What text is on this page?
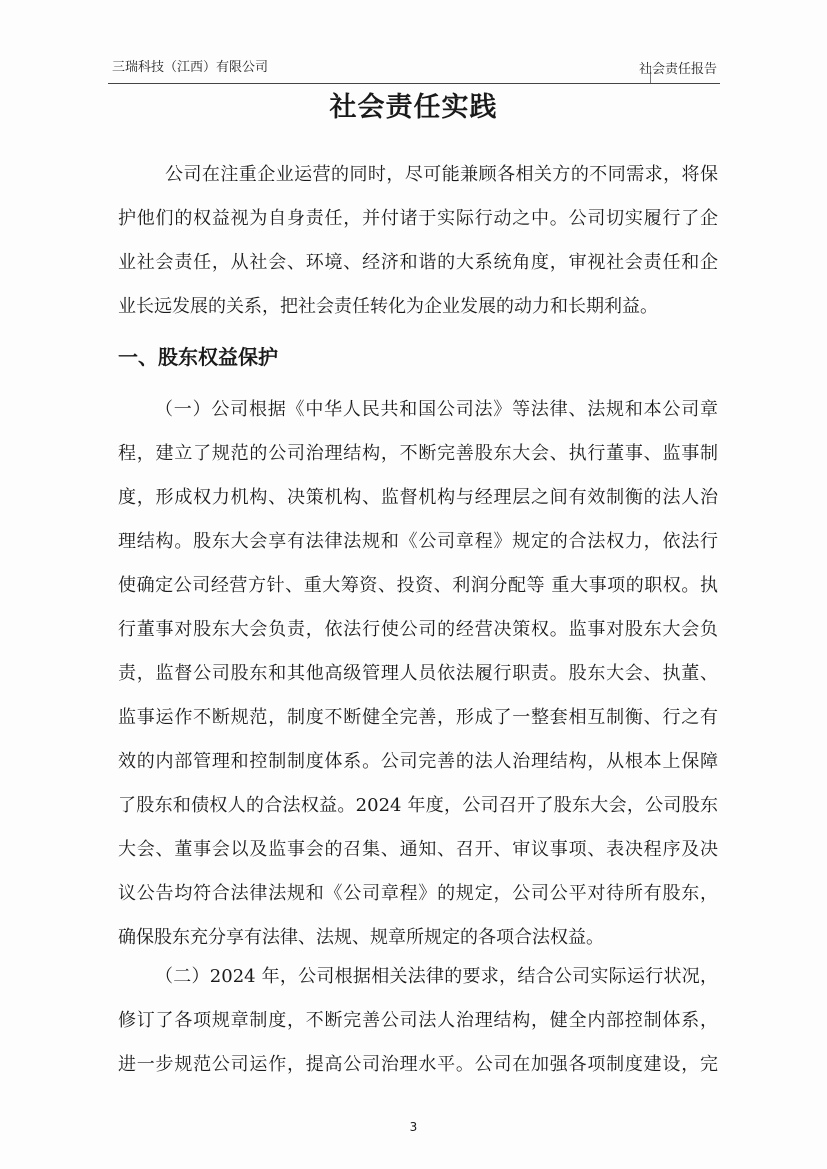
三瑞科技（江西）有限公司	社会责任报告
社会责任实践
公司在注重企业运营的同时，尽可能兼顾各相关方的不同需求，将保
护他们的权益视为自身责任，并付诸于实际行动之中。公司切实履行了企
业社会责任，从社会、环境、经济和谐的大系统角度，审视社会责任和企
业长远发展的关系，把社会责任转化为企业发展的动力和长期利益。
一、股东权益保护
（一）公司根据《中华人民共和国公司法》等法律、法规和本公司章
程，建立了规范的公司治理结构，不断完善股东大会、执行董事、监事制
度，形成权力机构、决策机构、监督机构与经理层之间有效制衡的法人治
理结构。股东大会享有法律法规和《公司章程》规定的合法权力，依法行
使确定公司经营方针、重大筹资、投资、利润分配等 重大事项的职权。执
行董事对股东大会负责，依法行使公司的经营决策权。监事对股东大会负
责，监督公司股东和其他高级管理人员依法履行职责。股东大会、执董、
监事运作不断规范，制度不断健全完善，形成了一整套相互制衡、行之有
效的内部管理和控制制度体系。公司完善的法人治理结构，从根本上保障
了股东和债权人的合法权益。2024 年度，公司召开了股东大会，公司股东
大会、董事会以及监事会的召集、通知、召开、审议事项、表决程序及决
议公告均符合法律法规和《公司章程》的规定，公司公平对待所有股东，
确保股东充分享有法律、法规、规章所规定的各项合法权益。
（二）2024 年，公司根据相关法律的要求，结合公司实际运行状况，
修订了各项规章制度，不断完善公司法人治理结构，健全内部控制体系，
进一步规范公司运作，提高公司治理水平。公司在加强各项制度建设，完
3
